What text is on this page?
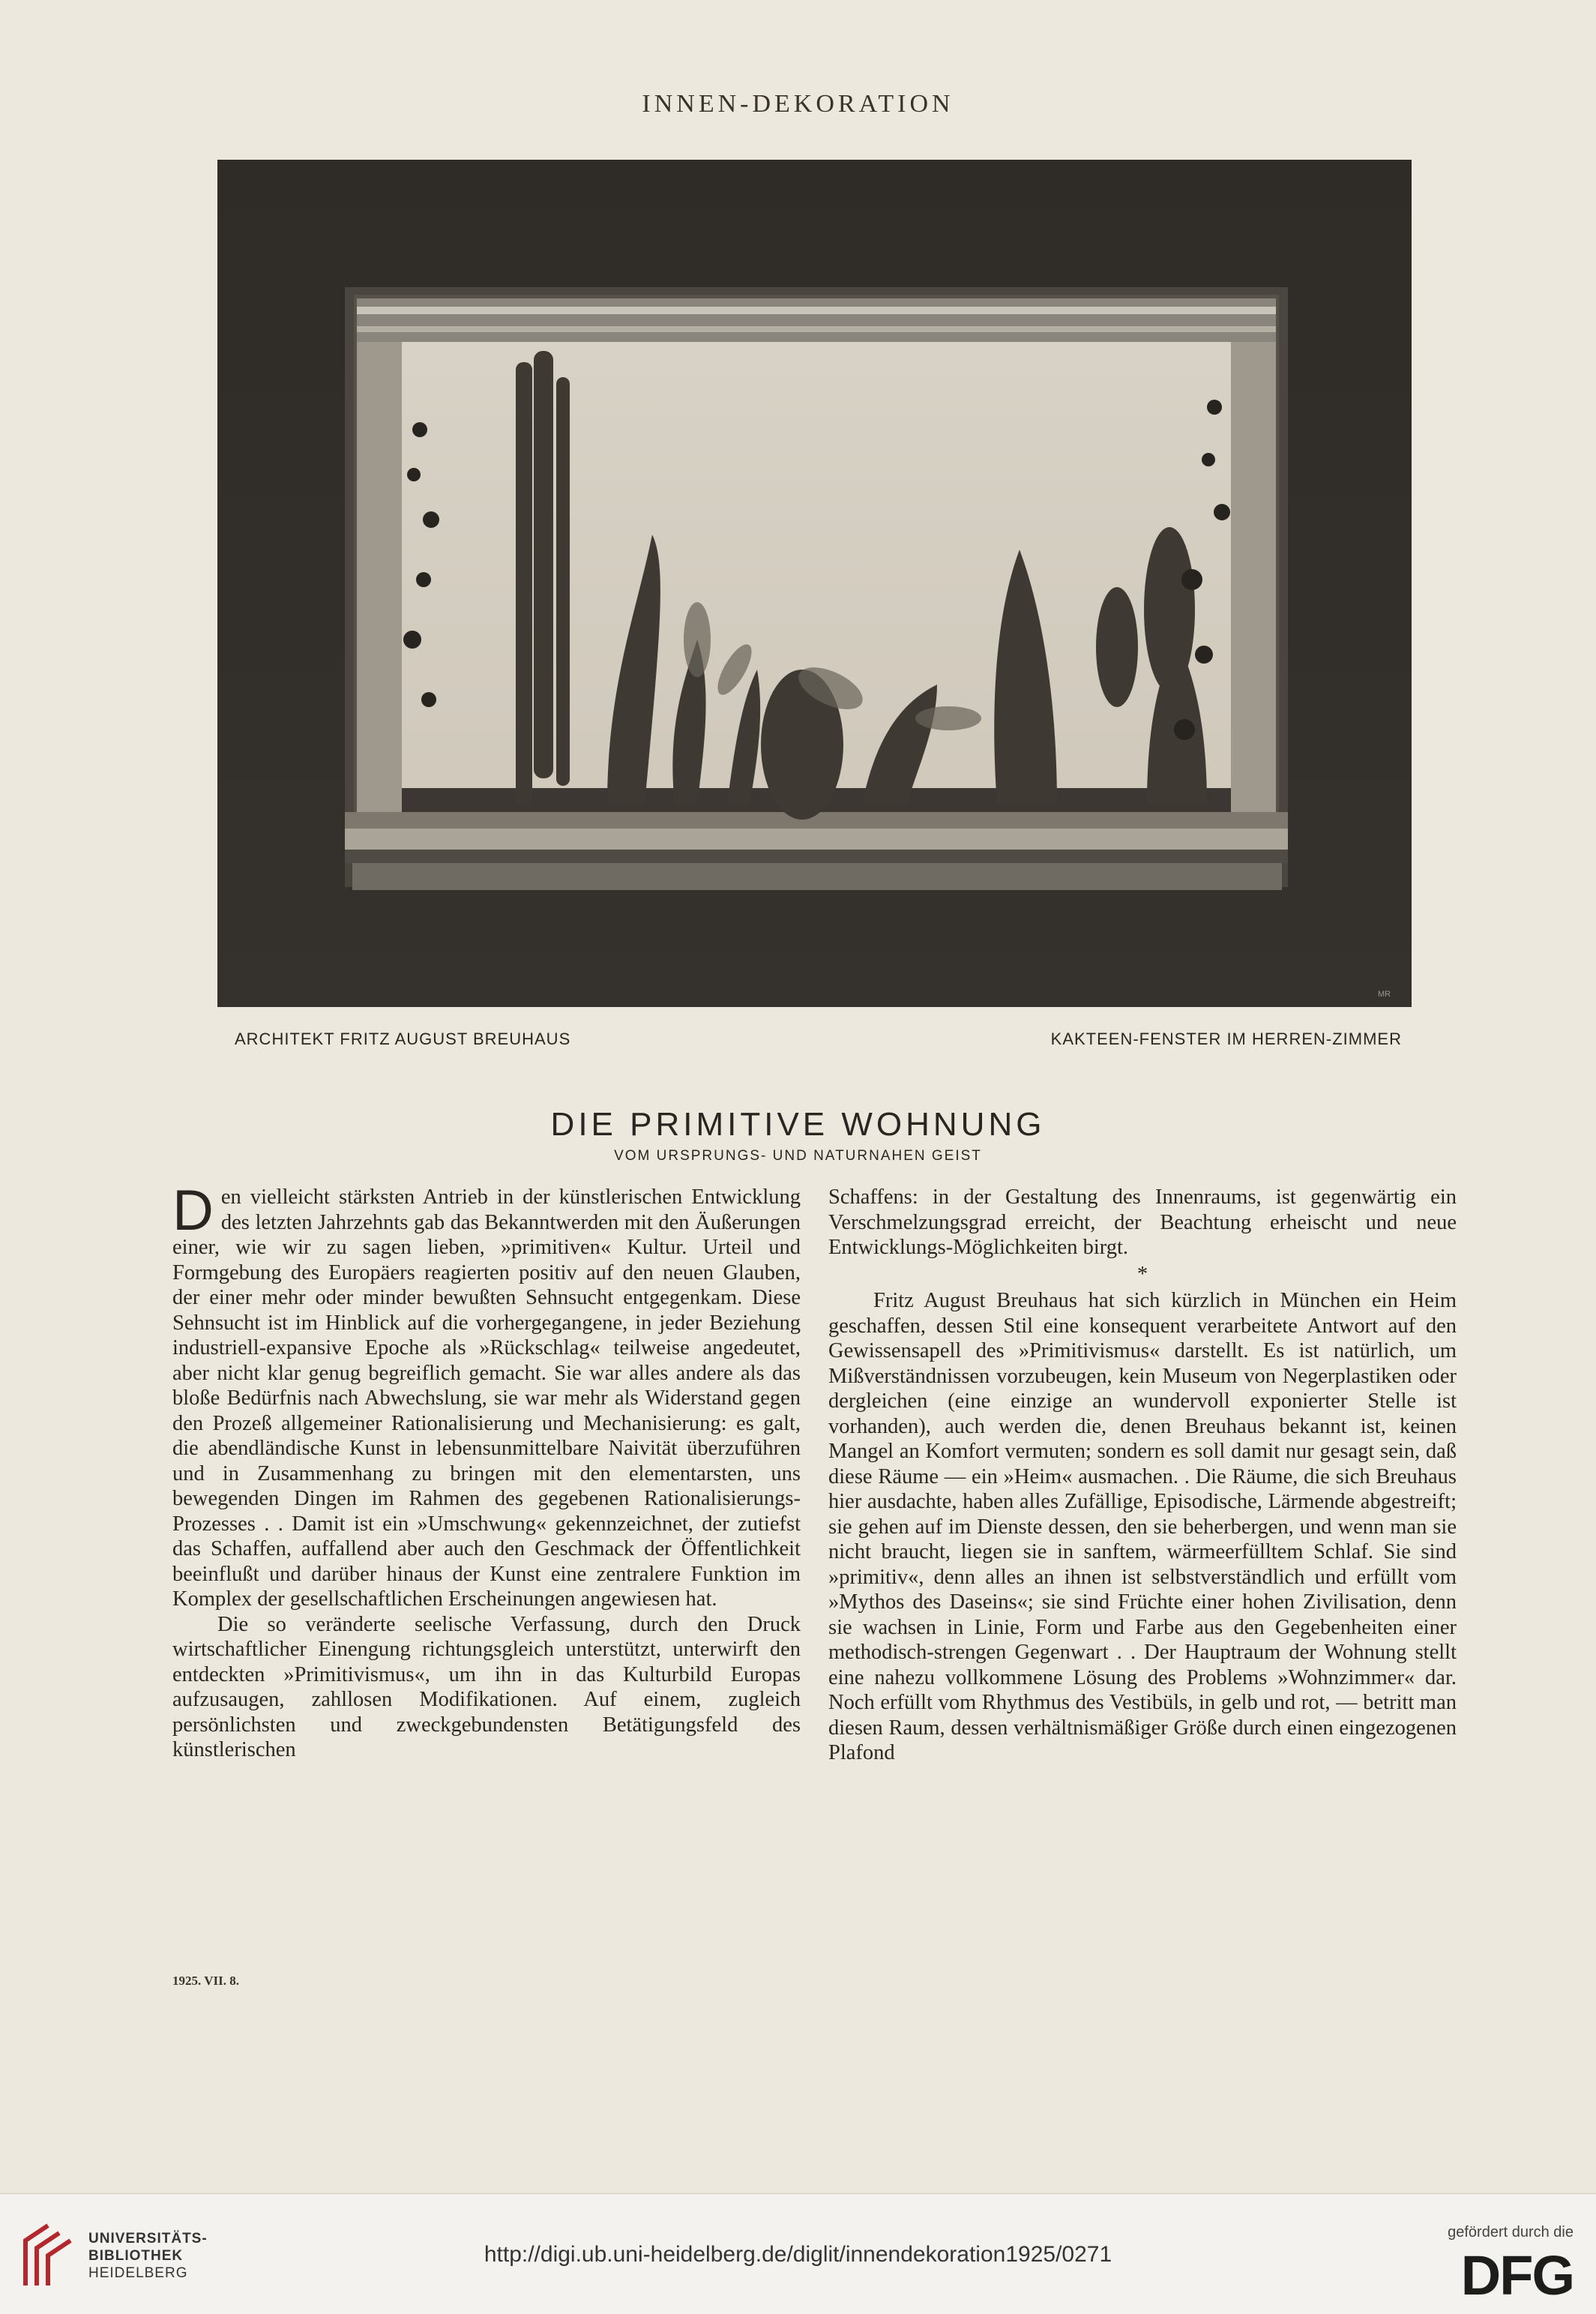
INNEN-DEKORATION
MR
ARCHITEKT FRITZ AUGUST BREUHAUS	KAKTEEN-FENSTER IM HERREN-ZIMMER
DIE PRIMITIVE WOHNUNG
VOM URSPRUNGS- UND NATURNAHEN GEIST

Den vielleicht stärksten Antrieb in der künstlerischen Entwicklung des letzten Jahrzehnts gab das Bekanntwerden mit den Äußerungen einer, wie wir zu sagen lieben, »primitiven« Kultur. Urteil und Formgebung des Europäers reagierten positiv auf den neuen Glauben, der einer mehr oder minder bewußten Sehnsucht entgegenkam. Diese Sehnsucht ist im Hinblick auf die vorhergegangene, in jeder Beziehung industriell-expansive Epoche als »Rückschlag« teilweise angedeutet, aber nicht klar genug begreiflich gemacht. Sie war alles andere als das bloße Bedürfnis nach Abwechslung, sie war mehr als Widerstand gegen den Prozeß allgemeiner Rationalisierung und Mechanisierung: es galt, die abendländische Kunst in lebensunmittelbare Naivität überzuführen und in Zusammenhang zu bringen mit den elementarsten, uns bewegenden Dingen im Rahmen des gegebenen Rationalisierungs-Prozesses . . Damit ist ein »Umschwung« gekennzeichnet, der zutiefst das Schaffen, auffallend aber auch den Geschmack der Öffentlichkeit beeinflußt und darüber hinaus der Kunst eine zentralere Funktion im Komplex der gesellschaftlichen Erscheinungen angewiesen hat.

Die so veränderte seelische Verfassung, durch den Druck wirtschaftlicher Einengung richtungsgleich unterstützt, unterwirft den entdeckten »Primitivismus«, um ihn in das Kulturbild Europas aufzusaugen, zahllosen Modifikationen. Auf einem, zugleich persönlichsten und zweckgebundensten Betätigungsfeld des künstlerischen

Schaffens: in der Gestaltung des Innenraums, ist gegenwärtig ein Verschmelzungsgrad erreicht, der Beachtung erheischt und neue Entwicklungs-Möglichkeiten birgt.

*

Fritz August Breuhaus hat sich kürzlich in München ein Heim geschaffen, dessen Stil eine konsequent verarbeitete Antwort auf den Gewissensapell des »Primitivismus« darstellt. Es ist natürlich, um Mißverständnissen vorzubeugen, kein Museum von Negerplastiken oder dergleichen (eine einzige an wundervoll exponierter Stelle ist vorhanden), auch werden die, denen Breuhaus bekannt ist, keinen Mangel an Komfort vermuten; sondern es soll damit nur gesagt sein, daß diese Räume — ein »Heim« ausmachen. . Die Räume, die sich Breuhaus hier ausdachte, haben alles Zufällige, Episodische, Lärmende abgestreift; sie gehen auf im Dienste dessen, den sie beherbergen, und wenn man sie nicht braucht, liegen sie in sanftem, wärmeerfülltem Schlaf. Sie sind »primitiv«, denn alles an ihnen ist selbstverständlich und erfüllt vom »Mythos des Daseins«; sie sind Früchte einer hohen Zivilisation, denn sie wachsen in Linie, Form und Farbe aus den Gegebenheiten einer methodisch-strengen Gegenwart . . Der Hauptraum der Wohnung stellt eine nahezu vollkommene Lösung des Problems »Wohnzimmer« dar. Noch erfüllt vom Rhythmus des Vestibüls, in gelb und rot, — betritt man diesen Raum, dessen verhältnismäßiger Größe durch einen eingezogenen Plafond

1925. VII. 8.
UNIVERSITÄTS-
BIBLIOTHEK
HEIDELBERG
http://digi.ub.uni-heidelberg.de/diglit/innendekoration1925/0271
gefördert durch die
DFG
